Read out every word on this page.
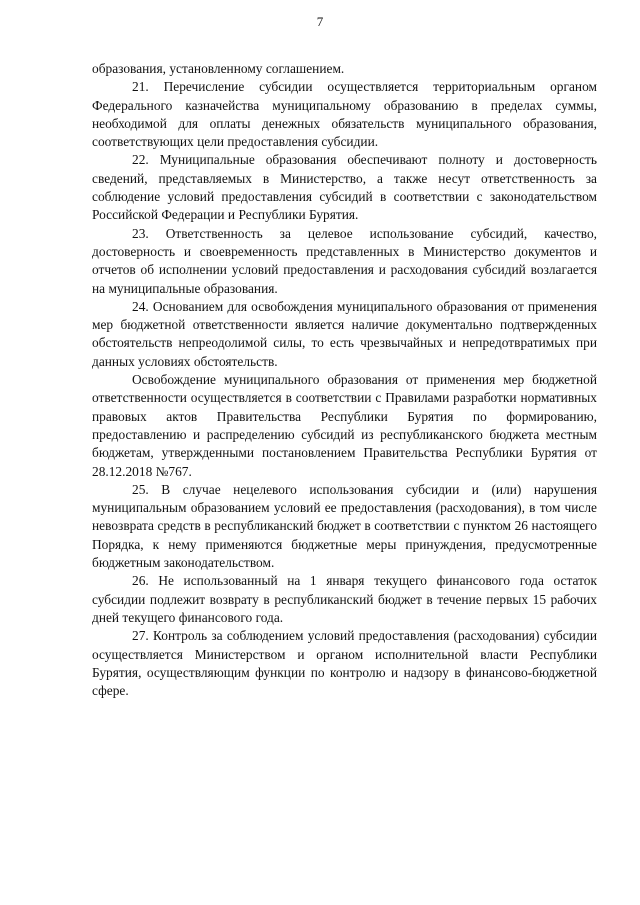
7

образования, установленному соглашением.

21. Перечисление субсидии осуществляется территориальным органом Федерального казначейства муниципальному образованию в пределах суммы, необходимой для оплаты денежных обязательств муниципального образования, соответствующих цели предоставления субсидии.

22. Муниципальные образования обеспечивают полноту и достоверность сведений, представляемых в Министерство, а также несут ответственность за соблюдение условий предоставления субсидий в соответствии с законодательством Российской Федерации и Республики Бурятия.

23. Ответственность за целевое использование субсидий, качество, достоверность и своевременность представленных в Министерство документов и отчетов об исполнении условий предоставления и расходования субсидий возлагается на муниципальные образования.

24. Основанием для освобождения муниципального образования от применения мер бюджетной ответственности является наличие документально подтвержденных обстоятельств непреодолимой силы, то есть чрезвычайных и непредотвратимых при данных условиях обстоятельств.

Освобождение муниципального образования от применения мер бюджетной ответственности осуществляется в соответствии с Правилами разработки нормативных правовых актов Правительства Республики Бурятия по формированию, предоставлению и распределению субсидий из республиканского бюджета местным бюджетам, утвержденными постановлением Правительства Республики Бурятия от 28.12.2018 №767.

25. В случае нецелевого использования субсидии и (или) нарушения муниципальным образованием условий ее предоставления (расходования), в том числе невозврата средств в республиканский бюджет в соответствии с пунктом 26 настоящего Порядка, к нему применяются бюджетные меры принуждения, предусмотренные бюджетным законодательством.

26. Не использованный на 1 января текущего финансового года остаток субсидии подлежит возврату в республиканский бюджет в течение первых 15 рабочих дней текущего финансового года.

27. Контроль за соблюдением условий предоставления (расходования) субсидии осуществляется Министерством и органом исполнительной власти Республики Бурятия, осуществляющим функции по контролю и надзору в финансово-бюджетной сфере.
